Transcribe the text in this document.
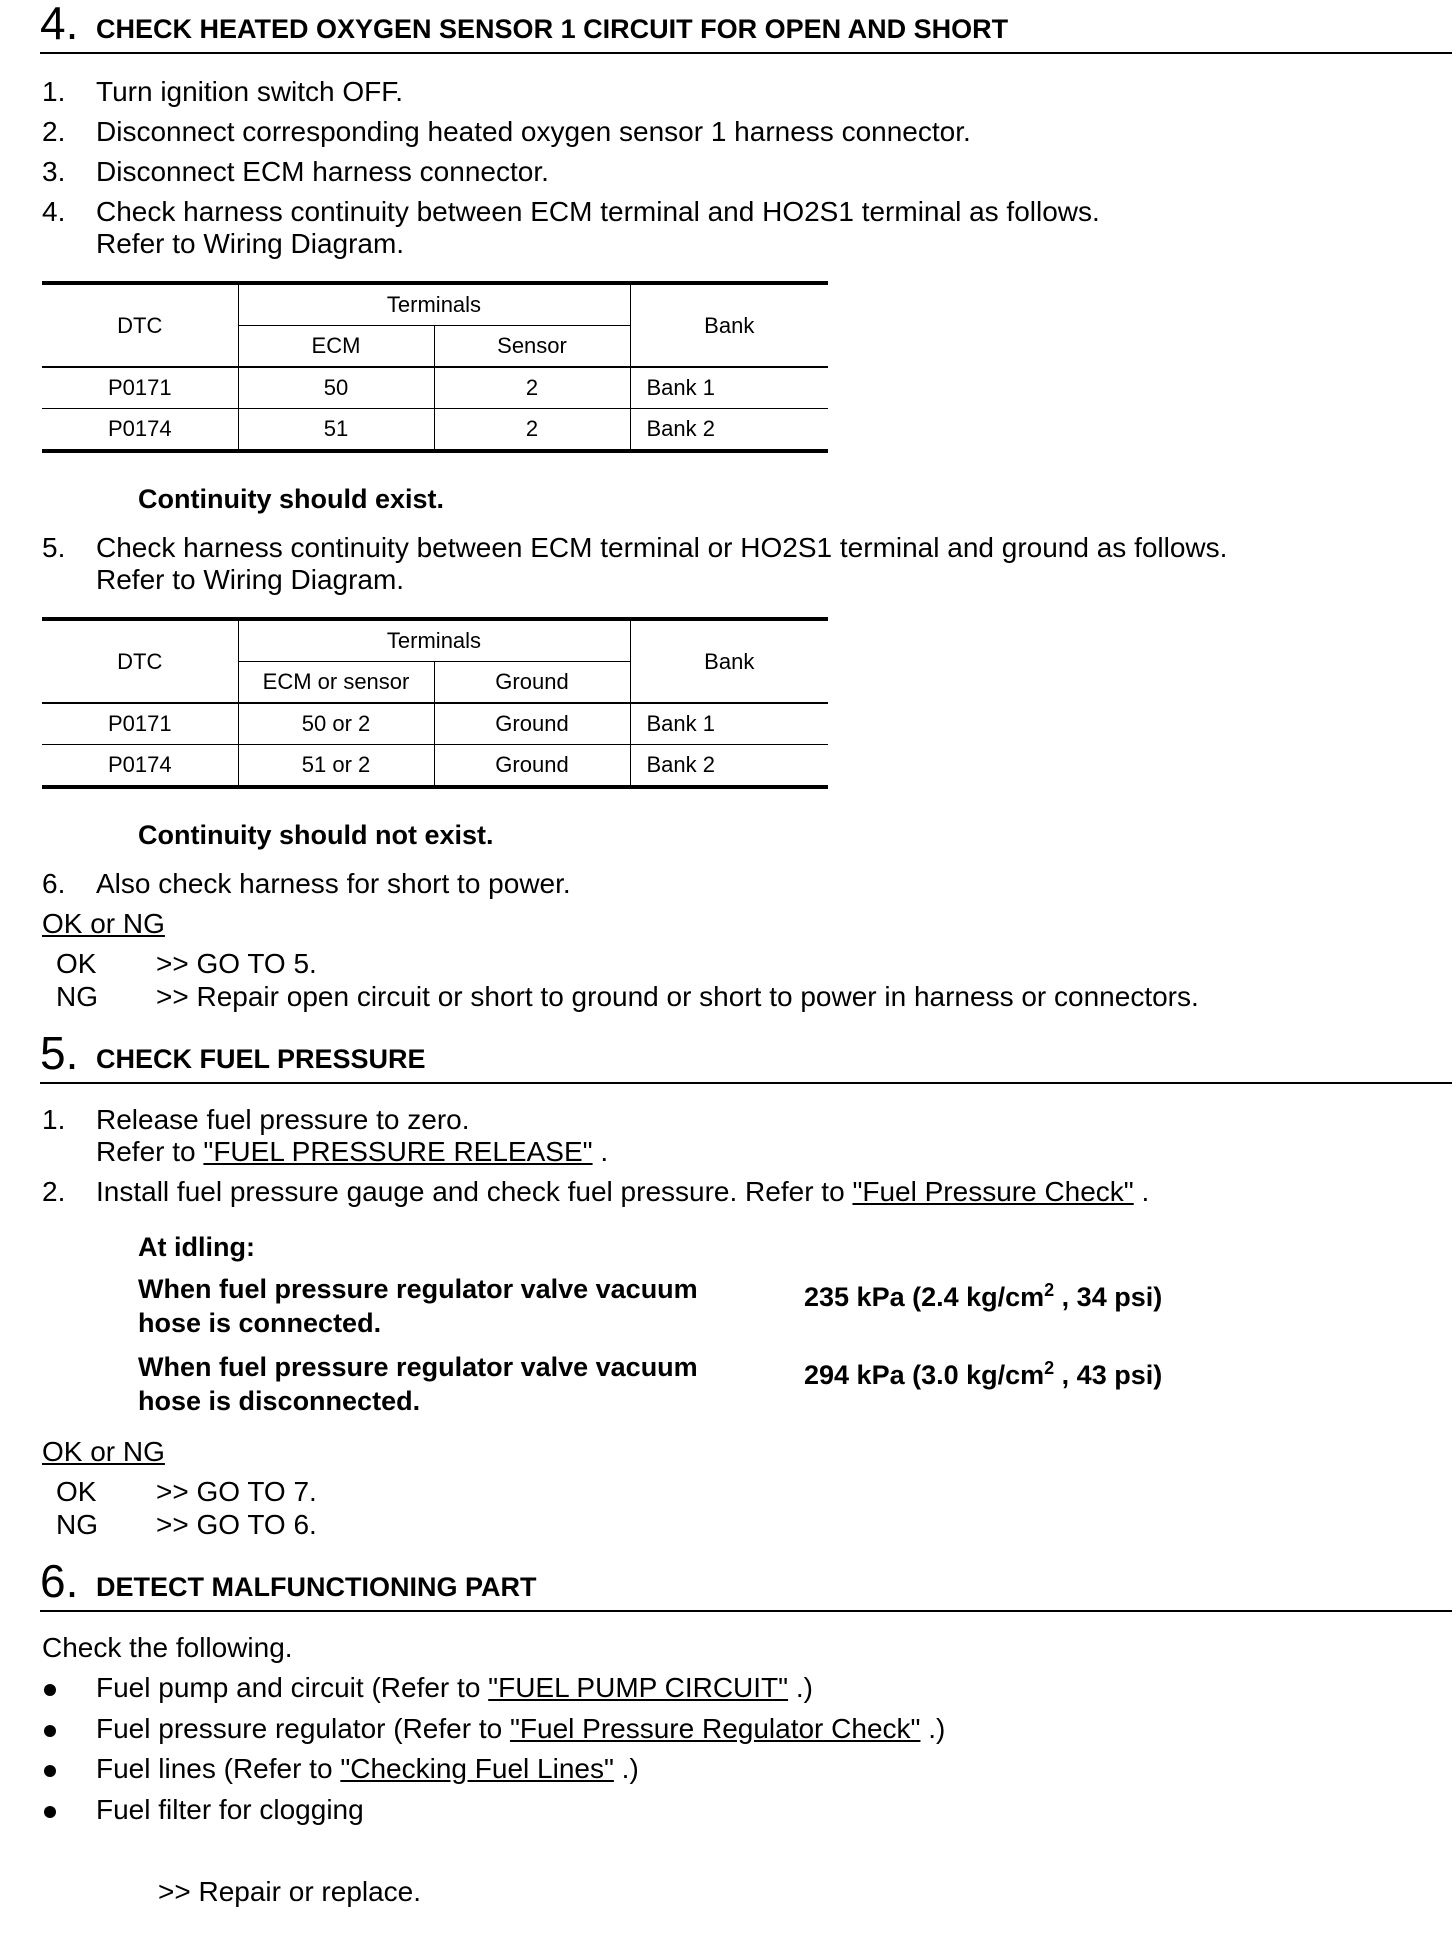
4. CHECK HEATED OXYGEN SENSOR 1 CIRCUIT FOR OPEN AND SHORT
1. Turn ignition switch OFF.
2. Disconnect corresponding heated oxygen sensor 1 harness connector.
3. Disconnect ECM harness connector.
4. Check harness continuity between ECM terminal and HO2S1 terminal as follows.
Refer to Wiring Diagram.
DTC	Terminals		Bank
	ECM	Sensor	
P0171	50	2	Bank 1
P0174	51	2	Bank 2
Continuity should exist.
5. Check harness continuity between ECM terminal or HO2S1 terminal and ground as follows.
Refer to Wiring Diagram.
DTC	Terminals		Bank
	ECM or sensor	Ground	
P0171	50 or 2	Ground	Bank 1
P0174	51 or 2	Ground	Bank 2
Continuity should not exist.
6. Also check harness for short to power.
OK or NG
OK >> GO TO 5.
NG >> Repair open circuit or short to ground or short to power in harness or connectors.
5. CHECK FUEL PRESSURE
1. Release fuel pressure to zero.
Refer to "FUEL PRESSURE RELEASE" .
2. Install fuel pressure gauge and check fuel pressure. Refer to "Fuel Pressure Check" .
At idling:
When fuel pressure regulator valve vacuum
hose is connected.
235 kPa (2.4 $kg/cm^2$ , 34 psi)
When fuel pressure regulator valve vacuum
hose is disconnected.
294 kPa (3.0 $kg/cm^2$ , 43 psi)
OK or NG
OK >> GO TO 7.
NG >> GO TO 6.
6. DETECT MALFUNCTIONING PART
Check the following.
Fuel pump and circuit (Refer to "FUEL PUMP CIRCUIT" .)
Fuel pressure regulator (Refer to "Fuel Pressure Regulator Check" .)
Fuel lines (Refer to "Checking Fuel Lines" .)
Fuel filter for clogging
>> Repair or replace.
